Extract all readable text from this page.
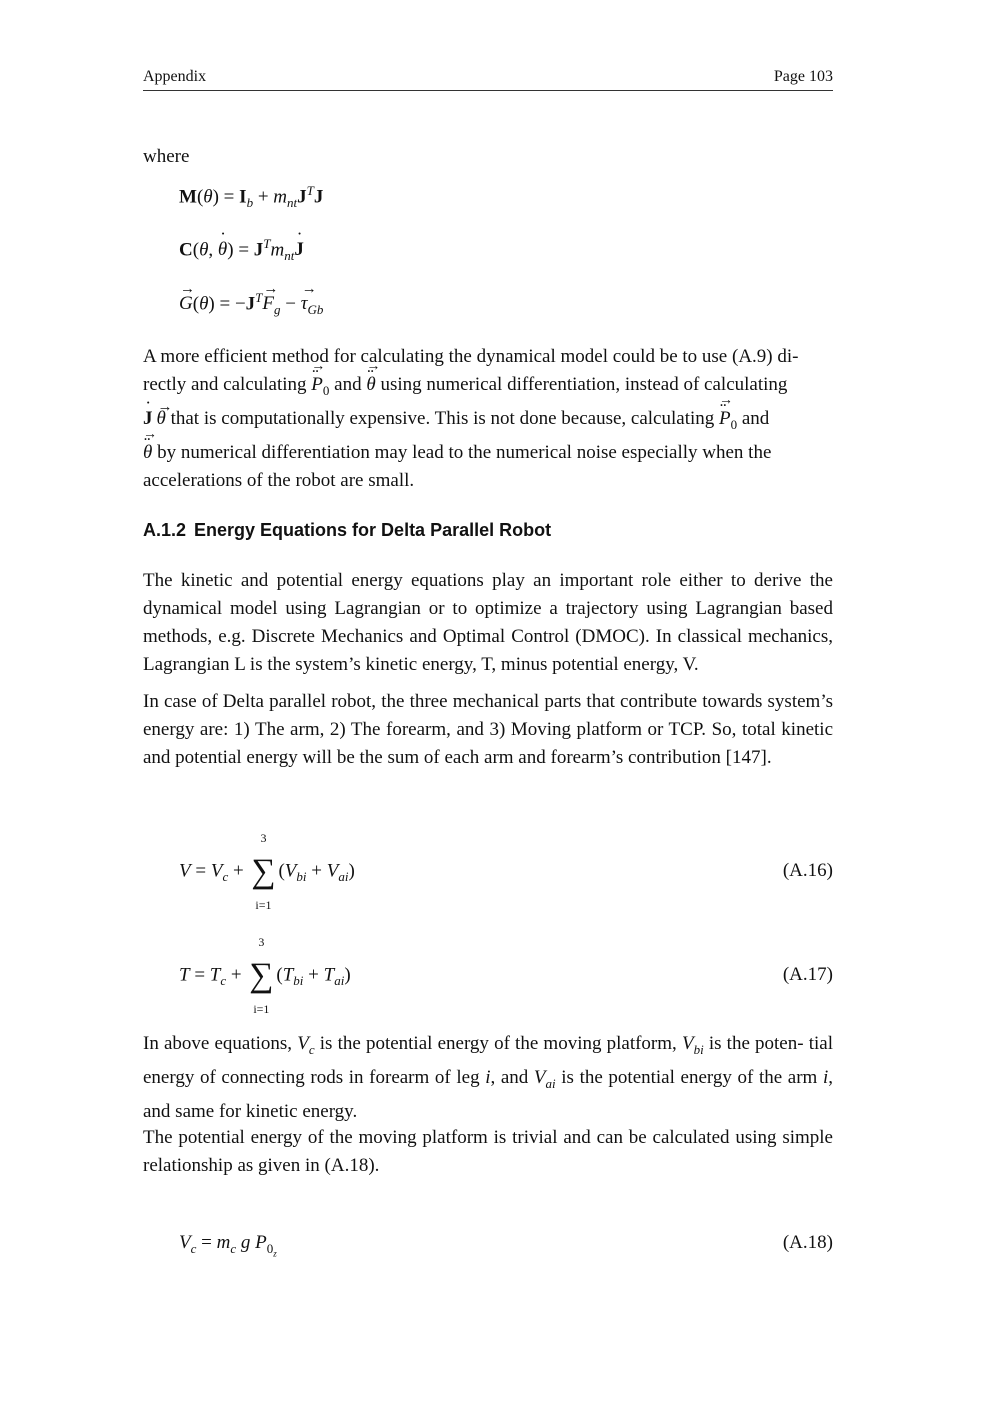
Appendix	Page 103
where
$M(\theta) = I_b + m_{nt}J^TJ$
C(θ, ˙ $\theta) = J^Tm_{nt}˙$ J
→ $G(\theta) = -J^T\to F_g$ − → $\tau_{Gb}$
A more efficient method for calculating the dynamical model could be to use (A.9) di-
rectly and calculating ¨ $P \to_0$ and ¨ θ → using numerical differentiation, instead of calculating
˙ J→ θ that is computationally expensive. This is not done because, calculating ¨ $P \to_0$ and
¨ θ → by numerical differentiation may lead to the numerical noise especially when the
accelerations of the robot are small.
A.1.2 Energy Equations for Delta Parallel Robot
The kinetic and potential energy equations play an important role either to derive the dynamical model using Lagrangian or to optimize a trajectory using Lagrangian based methods, e.g. Discrete Mechanics and Optimal Control (DMOC). In classical mechanics, Lagrangian L is the system’s kinetic energy, T, minus potential energy, V.
In case of Delta parallel robot, the three mechanical parts that contribute towards system’s energy are: 1) The arm, 2) The forearm, and 3) Moving platform or TCP. So, total kinetic and potential energy will be the sum of each arm and forearm’s contribution [147].
$V = V_c$ +
3
∑
i=1
$(V_{bi} + V_{ai})$	(A.16)
$T = T_c$ +
3
∑
i=1
$(T_{bi} + T_{ai})$	(A.17)
In above equations, $V_c$ is the potential energy of the moving platform, $V_{bi}$ is the poten- tial energy of connecting rods in forearm of leg i, and $V_{ai}$ is the potential energy of the arm i, and same for kinetic energy.
The potential energy of the moving platform is trivial and can be calculated using simple relationship as given in (A.18).
$V_c = m_c$ g $P_{0_z}$
(A.18)
